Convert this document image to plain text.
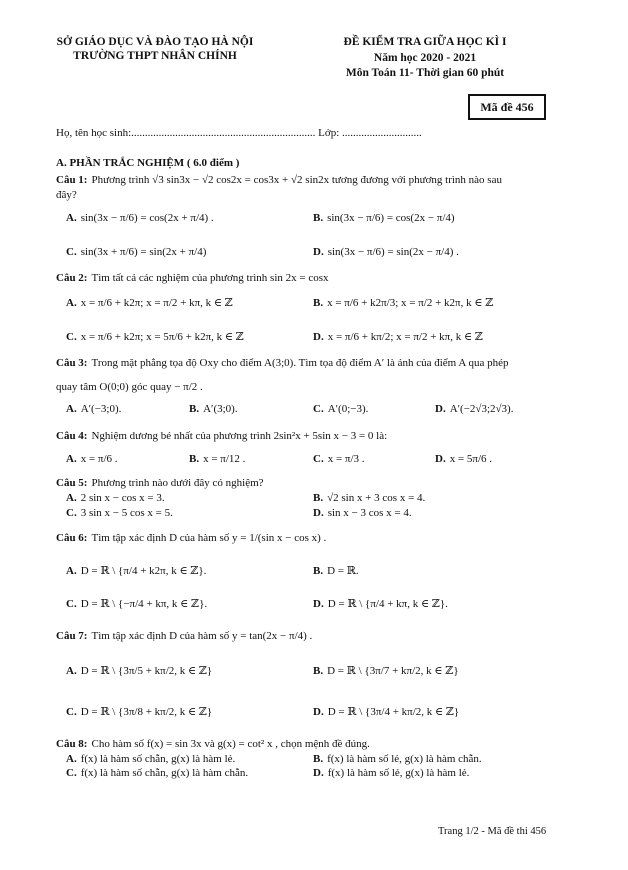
SỞ GIÁO DỤC VÀ ĐÀO TẠO HÀ NỘI
TRƯỜNG THPT NHÂN CHÍNH
ĐỀ KIỂM TRA GIỮA HỌC KÌ I
Năm học 2020 - 2021
Môn Toán 11- Thời gian 60 phút
Mã đề 456
Họ, tên học sinh:................................................................... Lớp: .............................
A. PHẦN TRẮC NGHIỆM ( 6.0 điểm )
Câu 1: Phương trình √3 sin3x − √2 cos2x = cos3x + √2 sin2x tương đương với phương trình nào sau
đây?
A. sin(3x − π/6) = cos(2x + π/4) .	B. sin(3x − π/6) = cos(2x − π/4)
C. sin(3x + π/6) = sin(2x + π/4)	D. sin(3x − π/6) = sin(2x − π/4) .
Câu 2: Tìm tất cả các nghiệm của phương trình sin 2x = cosx
A. x = π/6 + k2π; x = π/2 + kπ, k ∈ ℤ	B. x = π/6 + k2π/3; x = π/2 + k2π, k ∈ ℤ
C. x = π/6 + k2π; x = 5π/6 + k2π, k ∈ ℤ	D. x = π/6 + kπ/2; x = π/2 + kπ, k ∈ ℤ
Câu 3: Trong mặt phẳng tọa độ Oxy cho điểm A(3;0). Tìm tọa độ điểm A′ là ảnh của điểm A qua phép
quay tâm O(0;0) góc quay − π/2 .
A. A′(−3;0).	B. A′(3;0).	C. A′(0;−3).	D. A′(−2√3;2√3).
Câu 4: Nghiệm dương bé nhất của phương trình 2sin²x + 5sin x − 3 = 0 là:
A. x = π/6 .	B. x = π/12 .	C. x = π/3 .	D. x = 5π/6 .
Câu 5: Phương trình nào dưới đây có nghiệm?
A. 2 sin x − cos x = 3.	B. √2 sin x + 3 cos x = 4.
C. 3 sin x − 5 cos x = 5.	D. sin x − 3 cos x = 4.
Câu 6: Tìm tập xác định D của hàm số y = 1/(sin x − cos x) .
A. D = ℝ \ {π/4 + k2π, k ∈ ℤ}.	B. D = ℝ.
C. D = ℝ \ {−π/4 + kπ, k ∈ ℤ}.	D. D = ℝ \ {π/4 + kπ, k ∈ ℤ}.
Câu 7: Tìm tập xác định D của hàm số y = tan(2x − π/4) .
A. D = ℝ \ {3π/5 + kπ/2, k ∈ ℤ}	B. D = ℝ \ {3π/7 + kπ/2, k ∈ ℤ}
C. D = ℝ \ {3π/8 + kπ/2, k ∈ ℤ}	D. D = ℝ \ {3π/4 + kπ/2, k ∈ ℤ}
Câu 8: Cho hàm số f(x) = sin 3x và g(x) = cot² x , chọn mệnh đề đúng.
A. f(x) là hàm số chẵn, g(x) là hàm lẻ.	B. f(x) là hàm số lẻ, g(x) là hàm chẵn.
C. f(x) là hàm số chẵn, g(x) là hàm chẵn.	D. f(x) là hàm số lẻ, g(x) là hàm lẻ.
Trang 1/2 - Mã đề thi 456
